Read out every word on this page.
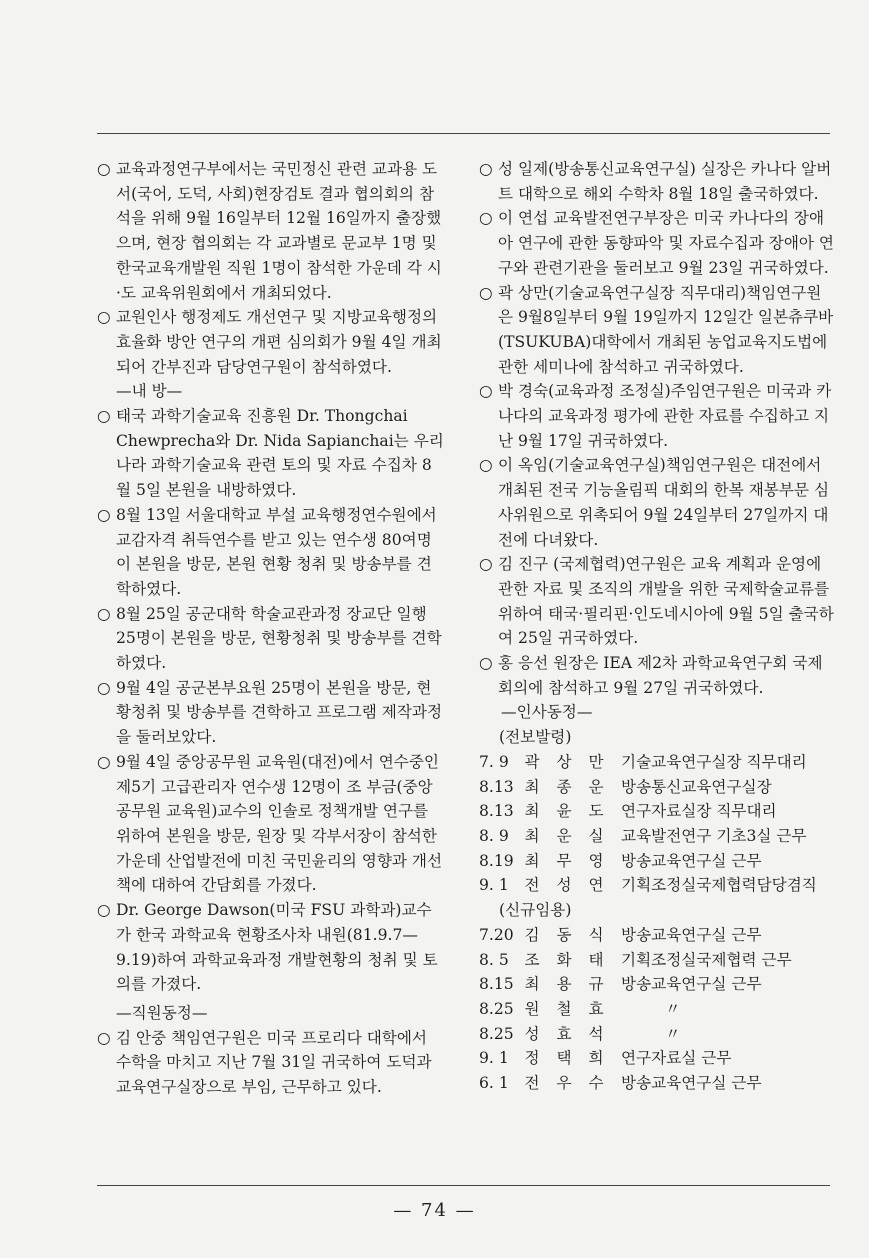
○ 교육과정연구부에서는 국민정신 관련 교과용 도서(국어, 도덕, 사회)현장검토 결과 협의회의 참석을 위해 9월 16일부터 12월 16일까지 출장했으며, 현장 협의회는 각 교과별로 문교부 1명 및 한국교육개발원 직원 1명이 참석한 가운데 각 시·도 교육위원회에서 개최되었다.

○ 교원인사 행정제도 개선연구 및 지방교육행정의 효율화 방안 연구의 개편 심의회가 9월 4일 개최되어 간부진과 담당연구원이 참석하였다.

—내 방—

○ 태국 과학기술교육 진흥원 Dr. Thongchai Chewprecha와 Dr. Nida Sapianchai는 우리나라 과학기술교육 관련 토의 및 자료 수집차 8월 5일 본원을 내방하였다.

○ 8월 13일 서울대학교 부설 교육행정연수원에서 교감자격 취득연수를 받고 있는 연수생 80여명이 본원을 방문, 본원 현황 청취 및 방송부를 견학하였다.

○ 8월 25일 공군대학 학술교관과정 장교단 일행 25명이 본원을 방문, 현황청취 및 방송부를 견학하였다.

○ 9월 4일 공군본부요원 25명이 본원을 방문, 현황청취 및 방송부를 견학하고 프로그램 제작과정을 둘러보았다.

○ 9월 4일 중앙공무원 교육원(대전)에서 연수중인 제5기 고급관리자 연수생 12명이 조 부금(중앙공무원 교육원)교수의 인솔로 정책개발 연구를 위하여 본원을 방문, 원장 및 각부서장이 참석한 가운데 산업발전에 미친 국민윤리의 영향과 개선책에 대하여 간담회를 가졌다.

○ Dr. George Dawson(미국 FSU 과학과)교수가 한국 과학교육 현황조사차 내원(81.9.7—9.19)하여 과학교육과정 개발현황의 청취 및 토의를 가졌다.

—직원동정—

○ 김 안중 책임연구원은 미국 프로리다 대학에서 수학을 마치고 지난 7월 31일 귀국하여 도덕과 교육연구실장으로 부임, 근무하고 있다.

○ 성 일제(방송통신교육연구실) 실장은 카나다 알버트 대학으로 해외 수학차 8월 18일 출국하였다.

○ 이 연섭 교육발전연구부장은 미국 카나다의 장애아 연구에 관한 동향파악 및 자료수집과 장애아 연구와 관련기관을 둘러보고 9월 23일 귀국하였다.

○ 곽 상만(기술교육연구실장 직무대리)책임연구원은 9월8일부터 9월 19일까지 12일간 일본츄쿠바(TSUKUBA)대학에서 개최된 농업교육지도법에 관한 세미나에 참석하고 귀국하였다.

○ 박 경숙(교육과정 조정실)주임연구원은 미국과 카나다의 교육과정 평가에 관한 자료를 수집하고 지난 9월 17일 귀국하였다.

○ 이 옥임(기술교육연구실)책임연구원은 대전에서 개최된 전국 기능올림픽 대회의 한복 재봉부문 심사위원으로 위촉되어 9월 24일부터 27일까지 대전에 다녀왔다.

○ 김 진구 (국제협력)연구원은 교육 계획과 운영에 관한 자료 및 조직의 개발을 위한 국제학술교류를 위하여 태국·필리핀·인도네시아에 9월 5일 출국하여 25일 귀국하였다.

○ 홍 응선 원장은 IEA 제2차 과학교육연구회 국제회의에 참석하고 9월 27일 귀국하였다.

—인사동정—

(전보발령)

7. 9	곽		상		만	기술교육연구실장 직무대리
8.13	최		종		운	방송통신교육연구실장
8.13	최		윤		도	연구자료실장 직무대리
8. 9	최		운		실	교육발전연구 기초3실 근무
8.19	최		무		영	방송교육연구실 근무
9. 1	전		성		연	기획조정실국제협력담당겸직

(신규임용)

7.20	김		동		식	방송교육연구실 근무
8. 5	조		화		태	기획조정실국제협력 근무
8.15	최		용		규	방송교육연구실 근무
8.25	원		철		효	〃
8.25	성		효		석	〃
9. 1	정		택		희	연구자료실 근무
6. 1	전		우		수	방송교육연구실 근무
— 74 —
